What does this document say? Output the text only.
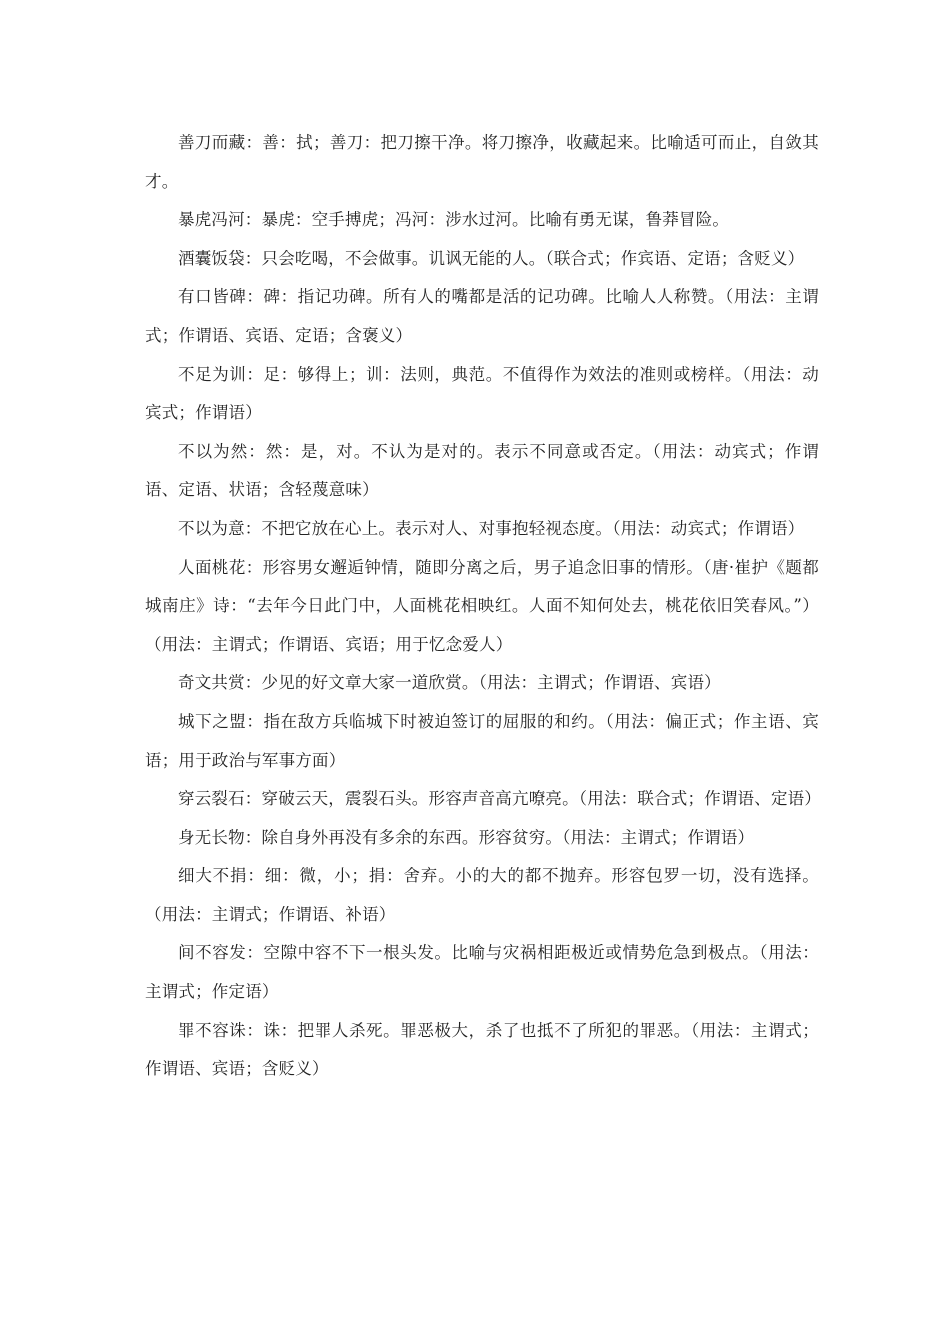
善刀而藏：善：拭；善刀：把刀擦干净。将刀擦净，收藏起来。比喻适可而止，自敛其才。

暴虎冯河：暴虎：空手搏虎；冯河：涉水过河。比喻有勇无谋，鲁莽冒险。

酒囊饭袋：只会吃喝，不会做事。讥讽无能的人。（联合式；作宾语、定语；含贬义）

有口皆碑：碑：指记功碑。所有人的嘴都是活的记功碑。比喻人人称赞。（用法：主谓式；作谓语、宾语、定语；含褒义）

不足为训：足：够得上；训：法则，典范。不值得作为效法的准则或榜样。（用法：动宾式；作谓语）

不以为然：然：是，对。不认为是对的。表示不同意或否定。（用法：动宾式；作谓语、定语、状语；含轻蔑意味）

不以为意：不把它放在心上。表示对人、对事抱轻视态度。（用法：动宾式；作谓语）

人面桃花：形容男女邂逅钟情，随即分离之后，男子追念旧事的情形。（唐·崔护《题都城南庄》诗：“去年今日此门中，人面桃花相映红。人面不知何处去，桃花依旧笑春风。”）（用法：主谓式；作谓语、宾语；用于忆念爱人）

奇文共赏：少见的好文章大家一道欣赏。（用法：主谓式；作谓语、宾语）

城下之盟：指在敌方兵临城下时被迫签订的屈服的和约。（用法：偏正式；作主语、宾语；用于政治与军事方面）

穿云裂石：穿破云天，震裂石头。形容声音高亢嘹亮。（用法：联合式；作谓语、定语）

身无长物：除自身外再没有多余的东西。形容贫穷。（用法：主谓式；作谓语）

细大不捐：细：微，小；捐：舍弃。小的大的都不抛弃。形容包罗一切，没有选择。（用法：主谓式；作谓语、补语）

间不容发：空隙中容不下一根头发。比喻与灾祸相距极近或情势危急到极点。（用法：主谓式；作定语）

罪不容诛：诛：把罪人杀死。罪恶极大，杀了也抵不了所犯的罪恶。（用法：主谓式；作谓语、宾语；含贬义）
